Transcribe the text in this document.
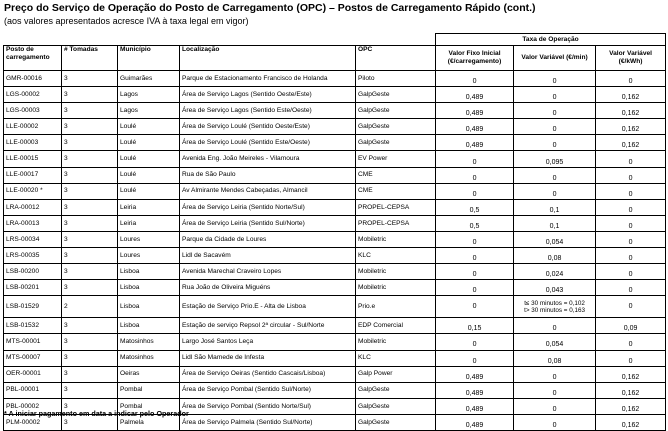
Preço do Serviço de Operação do Posto de Carregamento (OPC) – Postos de Carregamento Rápido (cont.)
(aos valores apresentados acresce IVA à taxa legal em vigor)
					Taxa de Operação		
Posto de carregamento	# Tomadas	Município	Localização	OPC	Valor Fixo Inicial (€/carregamento)	Valor Variável (€/min)	Valor Variável (€/kWh)
GMR-00016	3	Guimarães	Parque de Estacionamento Francisco de Holanda	Piloto	0	0	0
LGS-00002	3	Lagos	Área de Serviço Lagos (Sentido Oeste/Este)	GalpGeste	0,489	0	0,162
LGS-00003	3	Lagos	Área de Serviço Lagos (Sentido Este/Oeste)	GalpGeste	0,489	0	0,162
LLE-00002	3	Loulé	Área de Serviço Loulé (Sentido Oeste/Este)	GalpGeste	0,489	0	0,162
LLE-00003	3	Loulé	Área de Serviço Loulé (Sentido Este/Oeste)	GalpGeste	0,489	0	0,162
LLE-00015	3	Loulé	Avenida Eng. João Meireles - Vilamoura	EV Power	0	0,095	0
LLE-00017	3	Loulé	Rua de São Paulo	CME	0	0	0
LLE-00020 *	3	Loulé	Av Almirante Mendes Cabeçadas, Almancil	CME	0	0	0
LRA-00012	3	Leiria	Área de Serviço Leiria (Sentido Norte/Sul)	PROPEL-CEPSA	0,5	0,1	0
LRA-00013	3	Leiria	Área de Serviço Leiria (Sentido Sul/Norte)	PROPEL-CEPSA	0,5	0,1	0
LRS-00034	3	Loures	Parque da Cidade de Loures	Mobiletric	0	0,054	0
LRS-00035	3	Loures	Lidl de Sacavém	KLC	0	0,08	0
LSB-00200	3	Lisboa	Avenida Marechal Craveiro Lopes	Mobiletric	0	0,024	0
LSB-00201	3	Lisboa	Rua João de Oliveira Miguéns	Mobiletric	0	0,043	0
LSB-01529	2	Lisboa	Estação de Serviço Prio.E - Alta de Lisboa	Prio.e	0	t≤ 30 minutos = 0,102
t> 30 minutos = 0,163	0
LSB-01532	3	Lisboa	Estação de serviço Repsol 2ª circular - Sul/Norte	EDP Comercial	0,15	0	0,09
MTS-00001	3	Matosinhos	Largo José Santos Leça	Mobiletric	0	0,054	0
MTS-00007	3	Matosinhos	Lidl São Mamede de Infesta	KLC	0	0,08	0
OER-00001	3	Oeiras	Área de Serviço Oeiras (Sentido Cascais/Lisboa)	Galp Power	0,489	0	0,162
PBL-00001	3	Pombal	Área de Serviço Pombal (Sentido Sul/Norte)	GalpGeste	0,489	0	0,162
PBL-00002	3	Pombal	Área de Serviço Pombal (Sentido Norte/Sul)	GalpGeste	0,489	0	0,162
PLM-00002	3	Palmela	Área de Serviço Palmela (Sentido Sul/Norte)	GalpGeste	0,489	0	0,162
* A iniciar pagamento em data a indicar pelo Operador
